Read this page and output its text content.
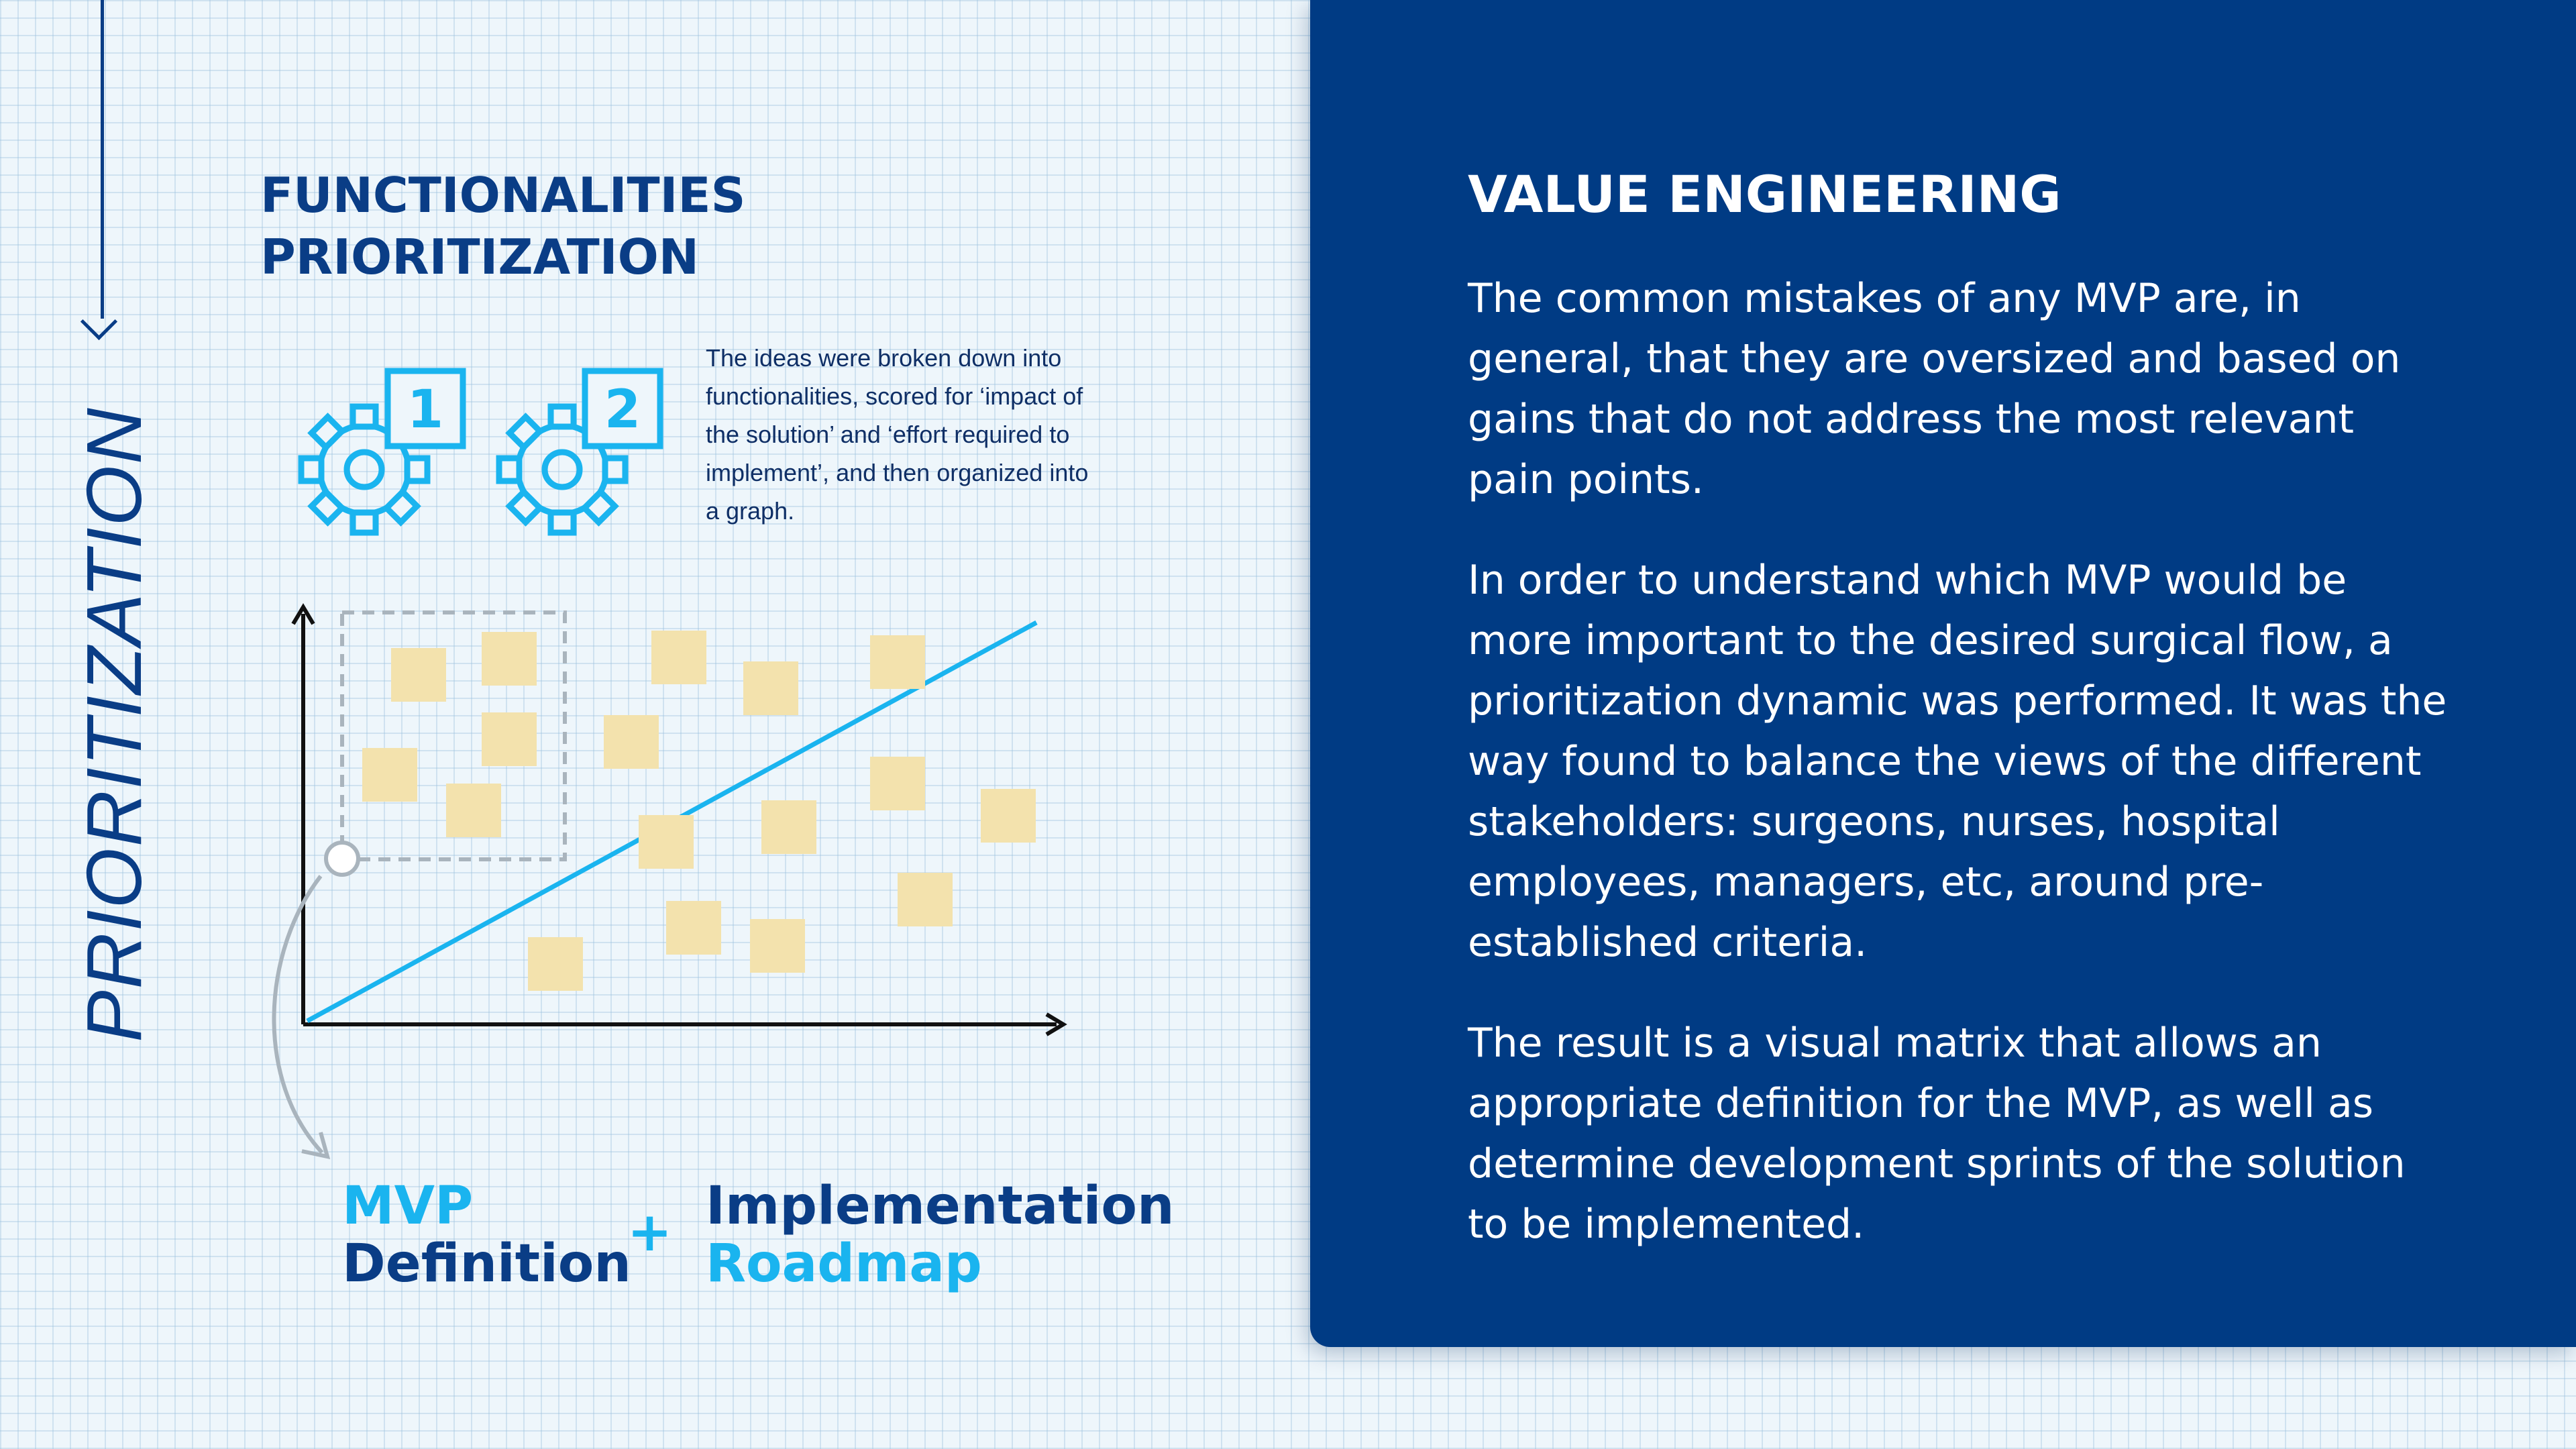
PRIORITIZATION
FUNCTIONALITIES
PRIORITIZATION
1	2

The ideas were broken down into functionalities, scored for ‘impact of the solution’ and ‘effort required to implement’, and then organized into a graph.

MVP
Definition
+ Implementation
Roadmap
VALUE ENGINEERING

The common mistakes of any MVP are, in general, that they are oversized and based on gains that do not address the most relevant pain points.

In order to understand which MVP would be more important to the desired surgical flow, a prioritization dynamic was performed. It was the way found to balance the views of the different stakeholders: surgeons, nurses, hospital employees, managers, etc, around pre-established criteria.

The result is a visual matrix that allows an appropriate definition for the MVP, as well as determine development sprints of the solution to be implemented.
